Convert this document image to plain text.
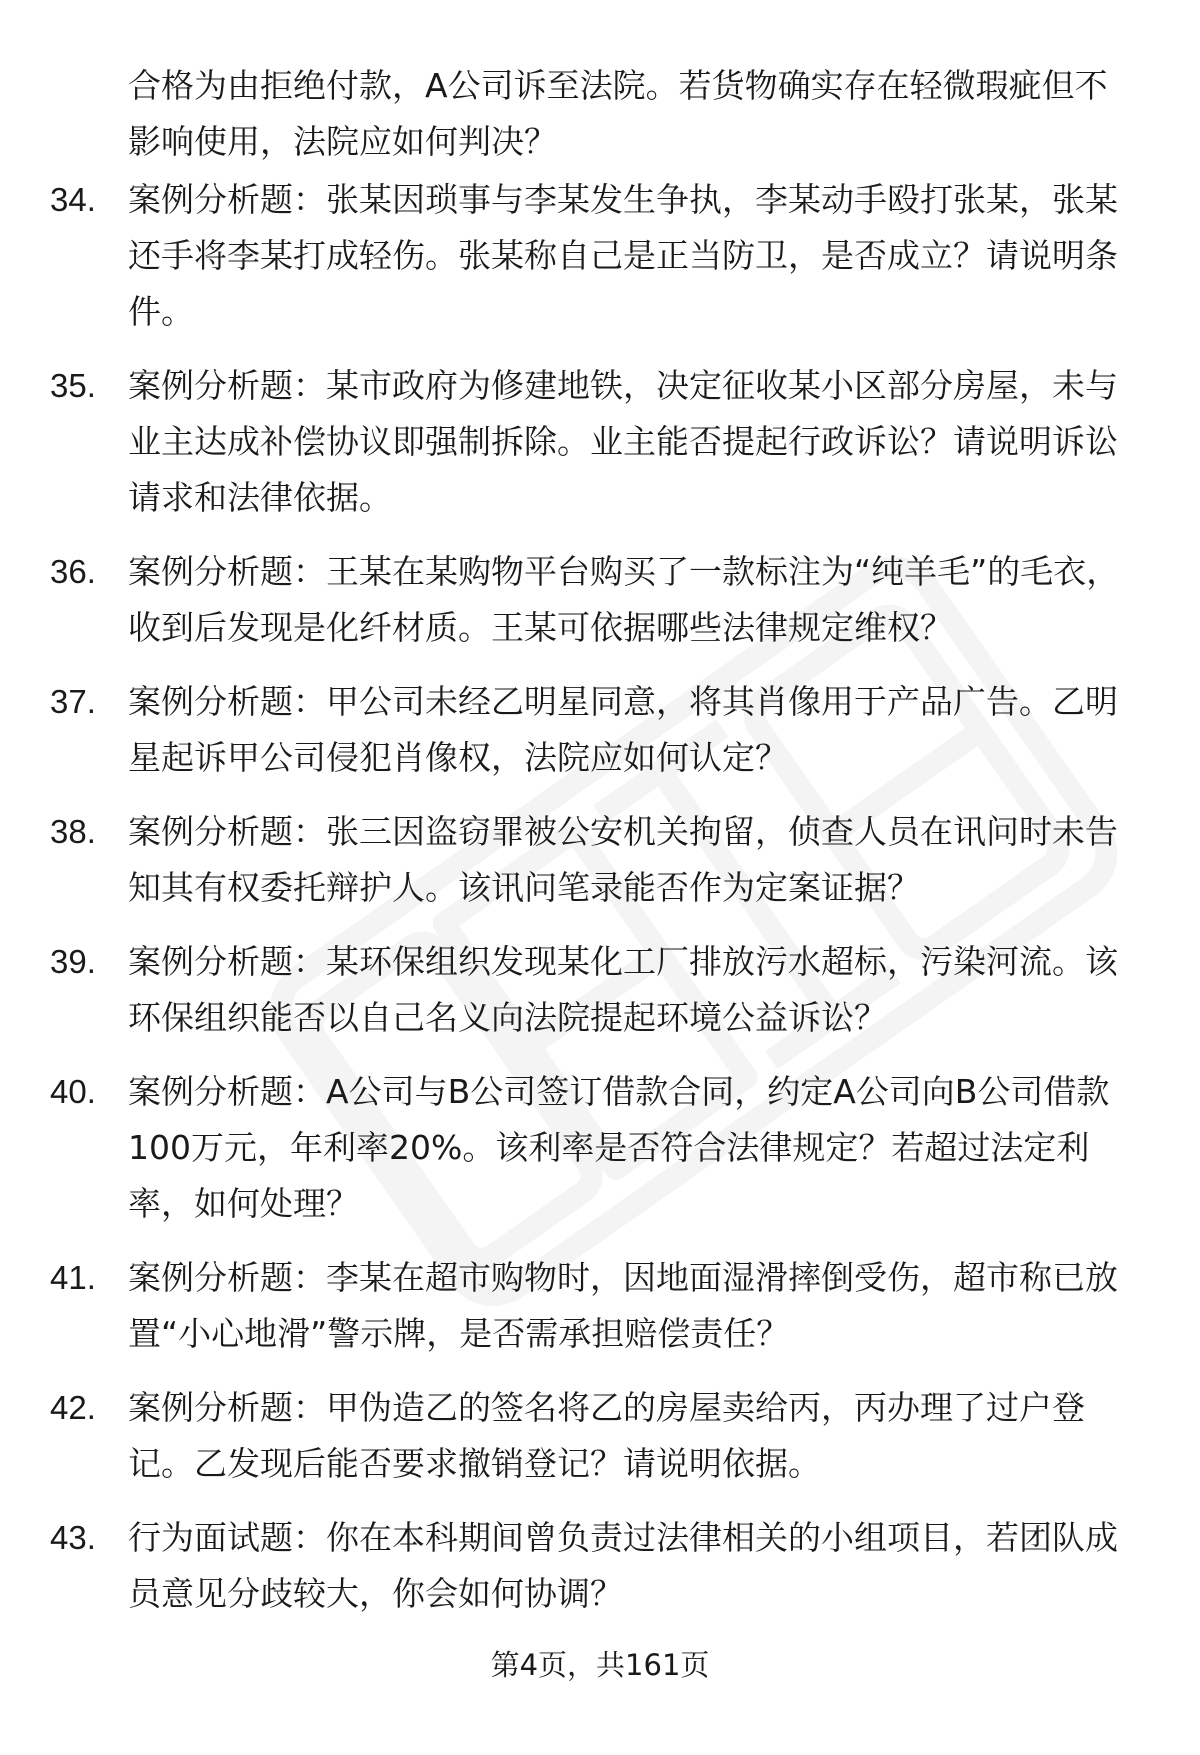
合格为由拒绝付款，A公司诉至法院。若货物确实存在轻微瑕疵但不影响使用，法院应如何判决？
34. 案例分析题：张某因琐事与李某发生争执，李某动手殴打张某，张某还手将李某打成轻伤。张某称自己是正当防卫，是否成立？请说明条件。
35. 案例分析题：某市政府为修建地铁，决定征收某小区部分房屋，未与业主达成补偿协议即强制拆除。业主能否提起行政诉讼？请说明诉讼请求和法律依据。
36. 案例分析题：王某在某购物平台购买了一款标注为“纯羊毛”的毛衣，收到后发现是化纤材质。王某可依据哪些法律规定维权？
37. 案例分析题：甲公司未经乙明星同意，将其肖像用于产品广告。乙明星起诉甲公司侵犯肖像权，法院应如何认定？
38. 案例分析题：张三因盗窃罪被公安机关拘留，侦查人员在讯问时未告知其有权委托辩护人。该讯问笔录能否作为定案证据？
39. 案例分析题：某环保组织发现某化工厂排放污水超标，污染河流。该环保组织能否以自己名义向法院提起环境公益诉讼？
40. 案例分析题：A公司与B公司签订借款合同，约定A公司向B公司借款100万元，年利率20%。该利率是否符合法律规定？若超过法定利率，如何处理？
41. 案例分析题：李某在超市购物时，因地面湿滑摔倒受伤，超市称已放置“小心地滑”警示牌，是否需承担赔偿责任？
42. 案例分析题：甲伪造乙的签名将乙的房屋卖给丙，丙办理了过户登记。乙发现后能否要求撤销登记？请说明依据。
43. 行为面试题：你在本科期间曾负责过法律相关的小组项目，若团队成员意见分歧较大，你会如何协调？
第4页，共161页
